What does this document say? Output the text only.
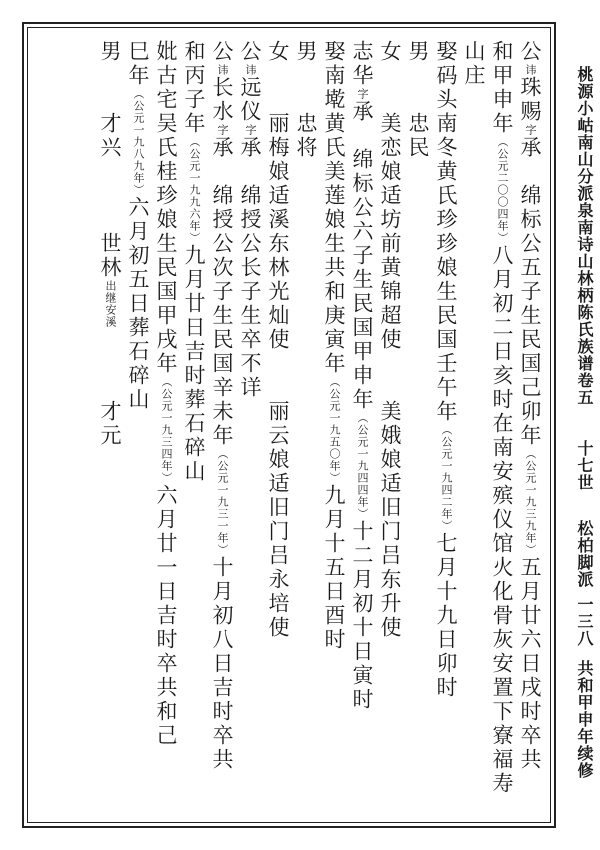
桃源小岵南山分派泉南诗山林柄陈氏族谱
卷五
十七世
松柏脚派
一三八
共和甲申年续修
公讳珠赐字承　绵标公五子生民国己卯年（公元一九三九年）五月廿六日戌时卒共
和甲申年（公元二〇〇四年）八月初二日亥时在南安殡仪馆火化骨灰安置下寮福寿
山庄
娶码头南冬黄氏珍珍娘生民国壬午年（公元一九四二年）七月十九日卯时
男　　忠民
女　　美恋娘适坊前黄锦超使　　美娥娘适旧门吕东升使
志华字承　绵标公六子生民国甲申年（公元一九四四年）十二月初十日寅时
娶南墘黄氏美莲娘生共和庚寅年（公元一九五〇年）九月十五日酉时
男　　忠将
女　　丽梅娘适溪东林光灿使　　丽云娘适旧门吕永培使
公讳远仪字承　绵授公长子生卒不详
公讳长水字承　绵授公次子生民国辛未年（公元一九三一年）十月初八日吉时卒共
和丙子年（公元一九九六年）九月廿日吉时葬石碎山
妣古宅吴氏桂珍娘生民国甲戌年（公元一九三四年）六月廿一日吉时卒共和己
巳年（公元一九八九年）六月初五日葬石碎山
男　　才兴　　　世林出继安溪　　　才元
